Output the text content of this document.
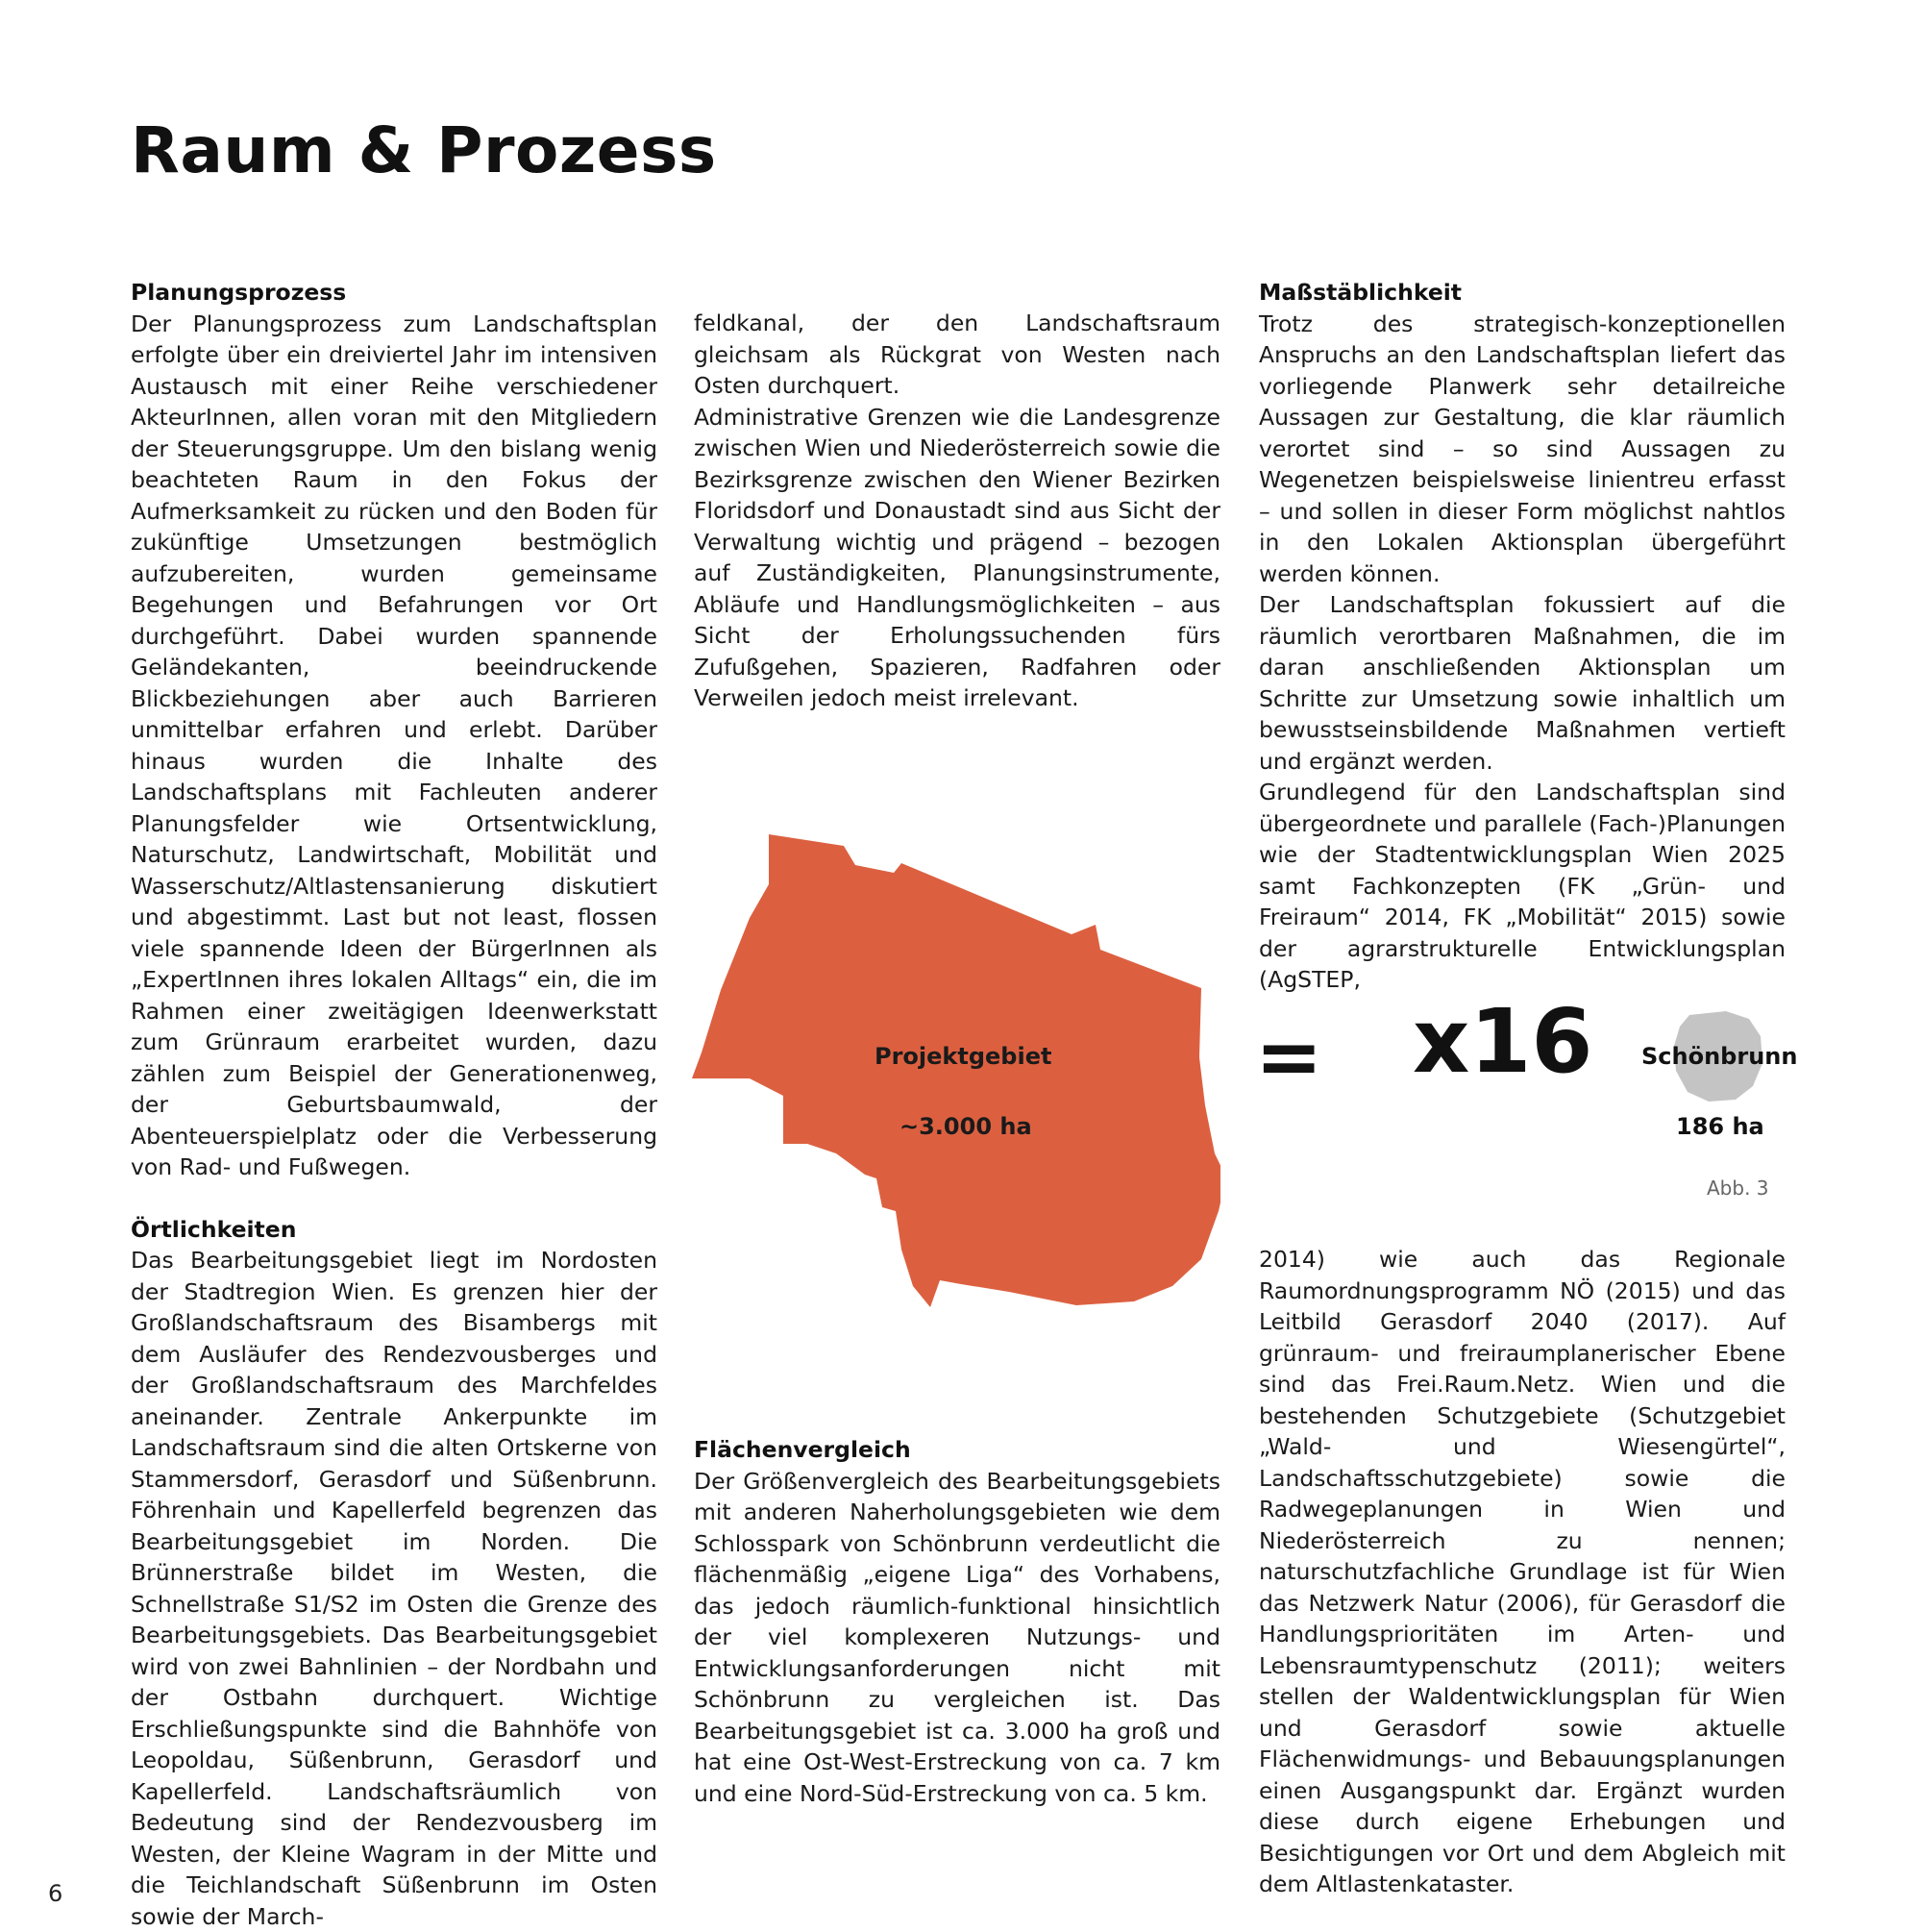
Raum & Prozess
Planungsprozess

Der Planungsprozess zum Landschaftsplan erfolgte über ein dreiviertel Jahr im intensiven Austausch mit einer Reihe verschiedener AkteurInnen, allen voran mit den Mitgliedern der Steuerungsgruppe. Um den bislang wenig beachteten Raum in den Fokus der Aufmerksamkeit zu rücken und den Boden für zukünftige Umsetzungen bestmöglich aufzubereiten, wurden gemeinsame Begehungen und Befahrungen vor Ort durchgeführt. Dabei wurden spannende Geländekanten, beeindruckende Blickbeziehungen aber auch Barrieren unmittelbar erfahren und erlebt. Darüber hinaus wurden die Inhalte des Landschaftsplans mit Fachleuten anderer Planungsfelder wie Ortsentwicklung, Naturschutz, Landwirtschaft, Mobilität und Wasserschutz/Altlastensanierung diskutiert und abgestimmt. Last but not least, flossen viele spannende Ideen der BürgerInnen als „ExpertInnen ihres lokalen Alltags“ ein, die im Rahmen einer zweitägigen Ideenwerkstatt zum Grünraum erarbeitet wurden, dazu zählen zum Beispiel der Generationenweg, der Geburtsbaumwald, der Abenteuerspielplatz oder die Verbesserung von Rad- und Fußwegen.

Örtlichkeiten

Das Bearbeitungsgebiet liegt im Nordosten der Stadtregion Wien. Es grenzen hier der Großlandschaftsraum des Bisambergs mit dem Ausläufer des Rendezvousberges und der Großlandschaftsraum des Marchfeldes aneinander. Zentrale Ankerpunkte im Landschaftsraum sind die alten Ortskerne von Stammersdorf, Gerasdorf und Süßenbrunn. Föhrenhain und Kapellerfeld begrenzen das Bearbeitungsgebiet im Norden. Die Brünnerstraße bildet im Westen, die Schnellstraße S1/S2 im Osten die Grenze des Bearbeitungsgebiets. Das Bearbeitungsgebiet wird von zwei Bahnlinien – der Nordbahn und der Ostbahn durchquert. Wichtige Erschließungspunkte sind die Bahnhöfe von Leopoldau, Süßenbrunn, Gerasdorf und Kapellerfeld. Landschaftsräumlich von Bedeutung sind der Rendezvousberg im Westen, der Kleine Wagram in der Mitte und die Teichlandschaft Süßenbrunn im Osten sowie der March-

feldkanal, der den Landschaftsraum gleichsam als Rückgrat von Westen nach Osten durchquert.

Administrative Grenzen wie die Landesgrenze zwischen Wien und Niederösterreich sowie die Bezirksgrenze zwischen den Wiener Bezirken Floridsdorf und Donaustadt sind aus Sicht der Verwaltung wichtig und prägend – bezogen auf Zuständigkeiten, Planungsinstrumente, Abläufe und Handlungsmöglichkeiten – aus Sicht der Erholungssuchenden fürs Zufußgehen, Spazieren, Radfahren oder Verweilen jedoch meist irrelevant.

Projektgebiet
~3.000 ha
= x16 Schönbrunn
186 ha
Abb. 3
Flächenvergleich

Der Größenvergleich des Bearbeitungsgebiets mit anderen Naherholungsgebieten wie dem Schlosspark von Schönbrunn verdeutlicht die flächenmäßig „eigene Liga“ des Vorhabens, das jedoch räumlich-funktional hinsichtlich der viel komplexeren Nutzungs- und Entwicklungsanforderungen nicht mit Schönbrunn zu vergleichen ist. Das Bearbeitungsgebiet ist ca. 3.000 ha groß und hat eine Ost-West-Erstreckung von ca. 7 km und eine Nord-Süd-Erstreckung von ca. 5 km.

Maßstäblichkeit

Trotz des strategisch-konzeptionellen Anspruchs an den Landschaftsplan liefert das vorliegende Planwerk sehr detailreiche Aussagen zur Gestaltung, die klar räumlich verortet sind – so sind Aussagen zu Wegenetzen beispielsweise linientreu erfasst – und sollen in dieser Form möglichst nahtlos in den Lokalen Aktionsplan übergeführt werden können.

Der Landschaftsplan fokussiert auf die räumlich verortbaren Maßnahmen, die im daran anschließenden Aktionsplan um Schritte zur Umsetzung sowie inhaltlich um bewusstseinsbildende Maßnahmen vertieft und ergänzt werden.

Grundlegend für den Landschaftsplan sind übergeordnete und parallele (Fach-)Planungen wie der Stadtentwicklungsplan Wien 2025 samt Fachkonzepten (FK „Grün- und Freiraum“ 2014, FK „Mobilität“ 2015) sowie der agrarstrukturelle Entwicklungsplan (AgSTEP,

2014) wie auch das Regionale Raumordnungsprogramm NÖ (2015) und das Leitbild Gerasdorf 2040 (2017). Auf grünraum- und freiraumplanerischer Ebene sind das Frei.Raum.Netz. Wien und die bestehenden Schutzgebiete (Schutzgebiet „Wald- und Wiesengürtel“, Landschaftsschutzgebiete) sowie die Radwegeplanungen in Wien und Niederösterreich zu nennen; naturschutzfachliche Grundlage ist für Wien das Netzwerk Natur (2006), für Gerasdorf die Handlungsprioritäten im Arten- und Lebensraumtypenschutz (2011); weiters stellen der Waldentwicklungsplan für Wien und Gerasdorf sowie aktuelle Flächenwidmungs- und Bebauungsplanungen einen Ausgangspunkt dar. Ergänzt wurden diese durch eigene Erhebungen und Besichtigungen vor Ort und dem Abgleich mit dem Altlastenkataster.

6
